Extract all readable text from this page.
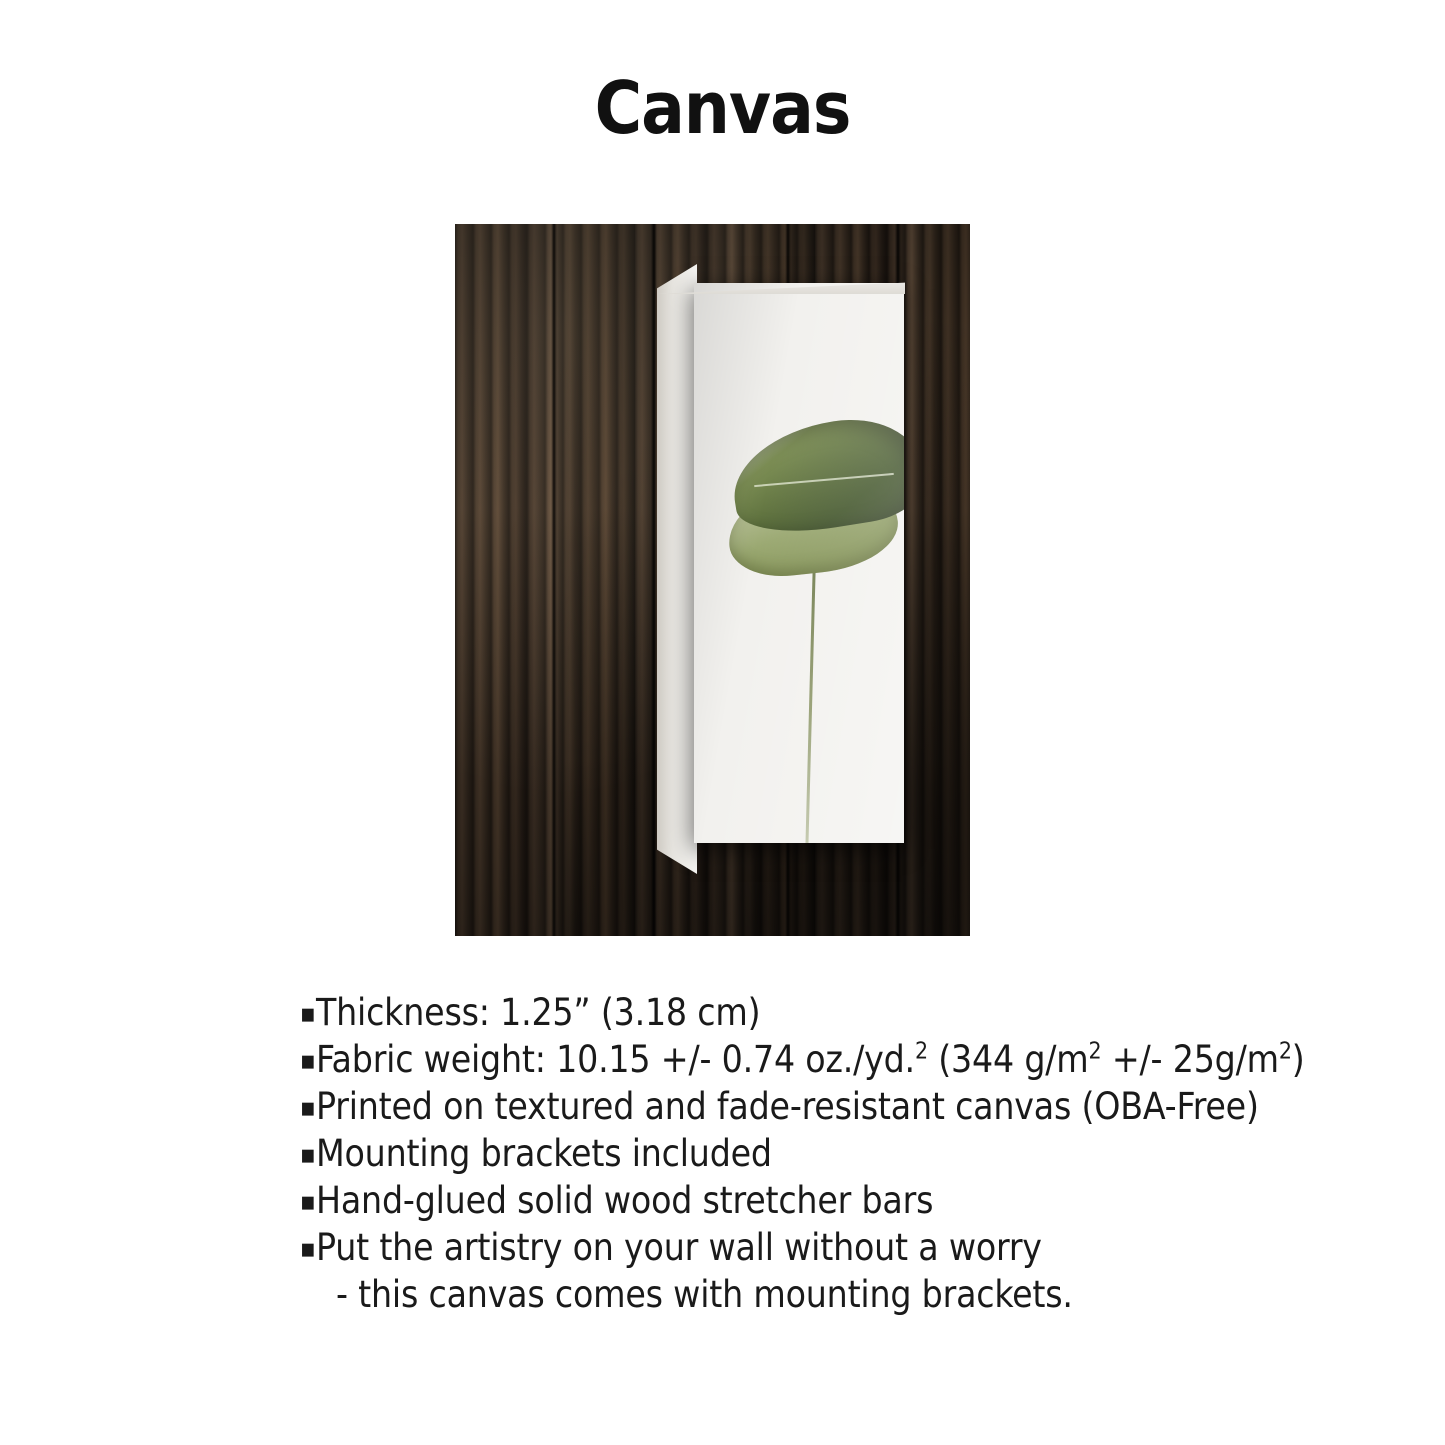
Canvas
▪Thickness: 1.25” (3.18 cm)
▪Fabric weight: 10.15 +/- 0.74 oz./yd.$^2$ (344 $g/m^2$ +/- $25g/m^2$)
▪Printed on textured and fade-resistant canvas (OBA-Free)
▪Mounting brackets included
▪Hand-glued solid wood stretcher bars
▪Put the artistry on your wall without a worry
- this canvas comes with mounting brackets.
